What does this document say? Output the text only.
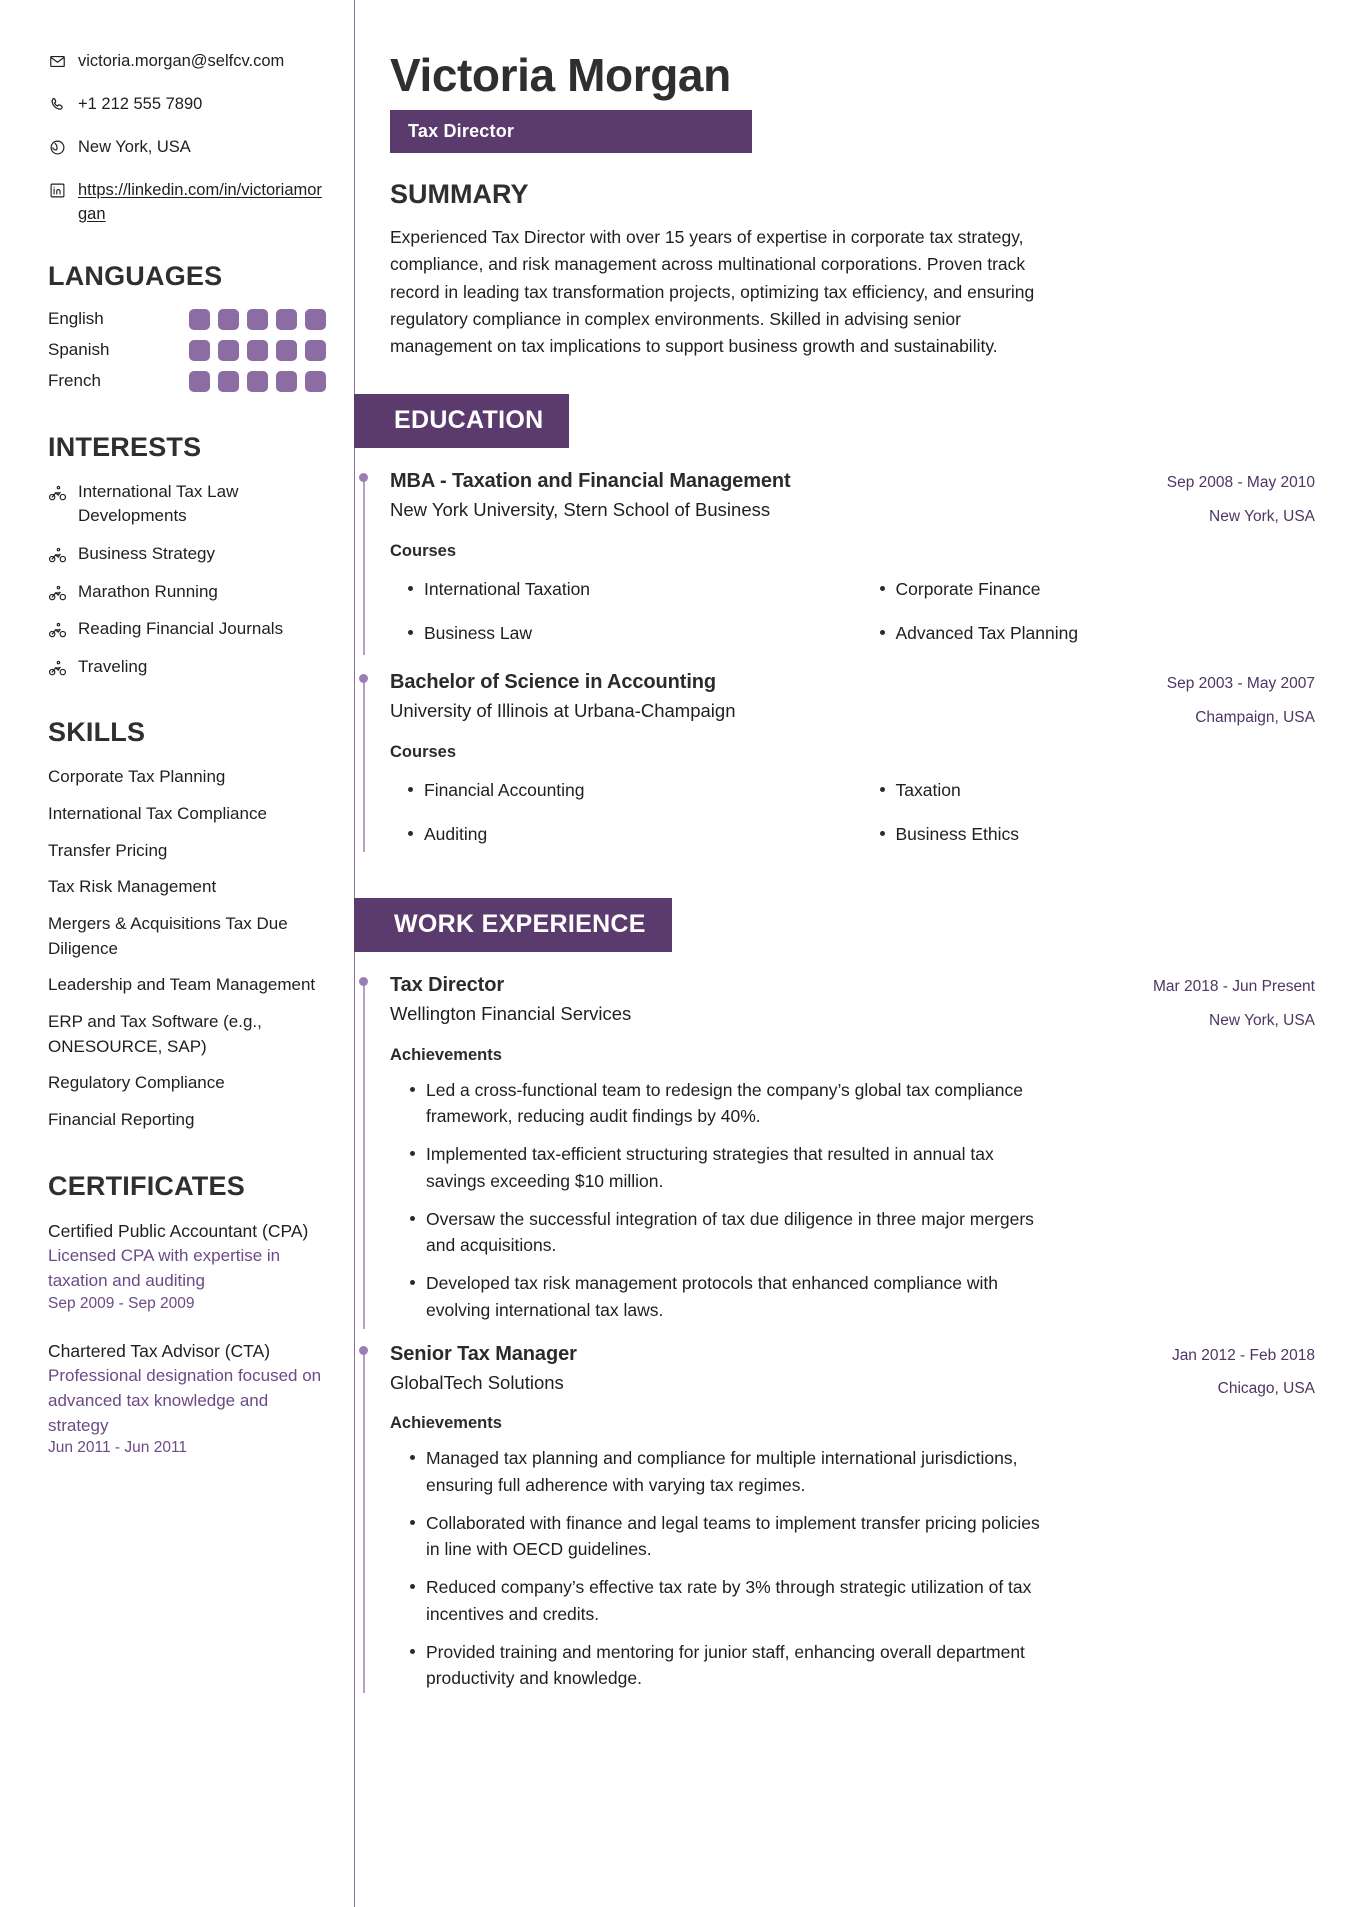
victoria.morgan@selfcv.com
+1 212 555 7890
New York, USA
https://linkedin.com/in/victoriamorgan
LANGUAGES
English
Spanish
French
INTERESTS
International Tax Law Developments
Business Strategy
Marathon Running
Reading Financial Journals
Traveling
SKILLS
Corporate Tax Planning
International Tax Compliance
Transfer Pricing
Tax Risk Management
Mergers & Acquisitions Tax Due Diligence
Leadership and Team Management
ERP and Tax Software (e.g., ONESOURCE, SAP)
Regulatory Compliance
Financial Reporting
CERTIFICATES
Certified Public Accountant (CPA)
Licensed CPA with expertise in taxation and auditing
Sep 2009 - Sep 2009
Chartered Tax Advisor (CTA)
Professional designation focused on advanced tax knowledge and strategy
Jun 2011 - Jun 2011
Victoria Morgan
Tax Director
SUMMARY

Experienced Tax Director with over 15 years of expertise in corporate tax strategy, compliance, and risk management across multinational corporations. Proven track record in leading tax transformation projects, optimizing tax efficiency, and ensuring regulatory compliance in complex environments. Skilled in advising senior management on tax implications to support business growth and sustainability.

EDUCATION
MBA - Taxation and Financial Management
New York University, Stern School of Business
Sep 2008 - May 2010
New York, USA
Courses
International Taxation	Corporate Finance
Business Law	Advanced Tax Planning
Bachelor of Science in Accounting
University of Illinois at Urbana-Champaign
Sep 2003 - May 2007
Champaign, USA
Courses
Financial Accounting	Taxation
Auditing	Business Ethics
WORK EXPERIENCE
Tax Director
Wellington Financial Services
Mar 2018 - Jun Present
New York, USA
Achievements
Led a cross-functional team to redesign the company’s global tax compliance framework, reducing audit findings by 40%.
Implemented tax-efficient structuring strategies that resulted in annual tax savings exceeding $10 million.
Oversaw the successful integration of tax due diligence in three major mergers and acquisitions.
Developed tax risk management protocols that enhanced compliance with evolving international tax laws.
Senior Tax Manager
GlobalTech Solutions
Jan 2012 - Feb 2018
Chicago, USA
Achievements
Managed tax planning and compliance for multiple international jurisdictions, ensuring full adherence with varying tax regimes.
Collaborated with finance and legal teams to implement transfer pricing policies in line with OECD guidelines.
Reduced company’s effective tax rate by 3% through strategic utilization of tax incentives and credits.
Provided training and mentoring for junior staff, enhancing overall department productivity and knowledge.
